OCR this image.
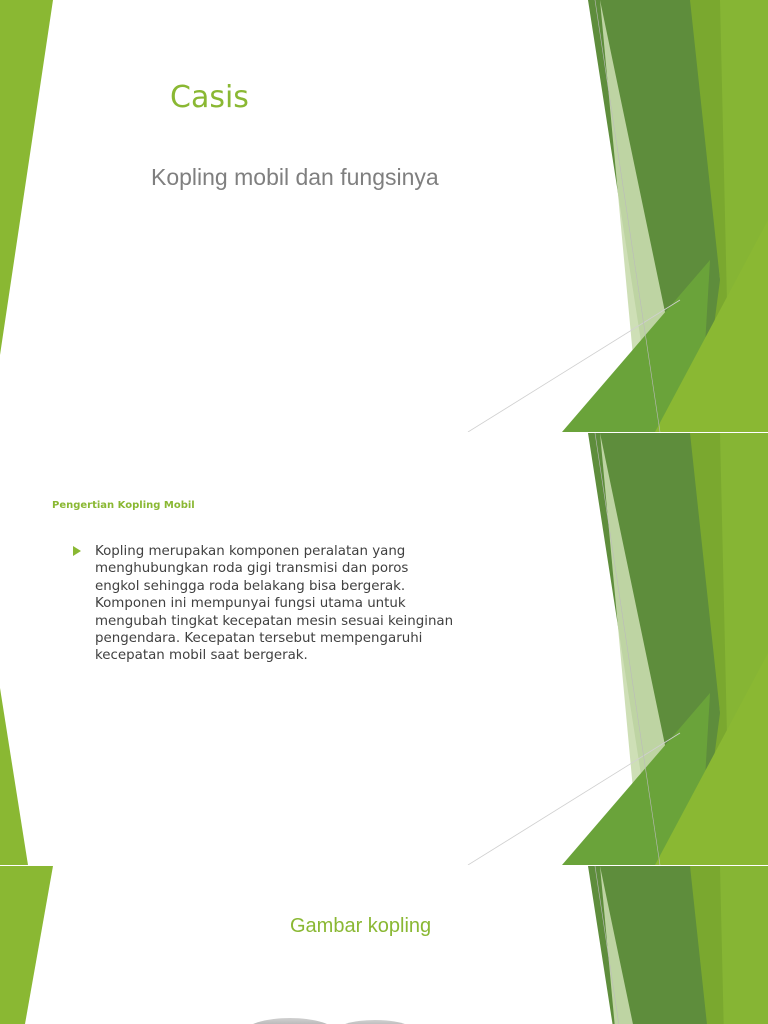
Casis
Kopling mobil dan fungsinya
Pengertian Kopling Mobil
Kopling merupakan komponen peralatan yang menghubungkan roda gigi transmisi dan poros engkol sehingga roda belakang bisa bergerak. Komponen ini mempunyai fungsi utama untuk mengubah tingkat kecepatan mesin sesuai keinginan pengendara. Kecepatan tersebut mempengaruhi kecepatan mobil saat bergerak.
Gambar kopling
